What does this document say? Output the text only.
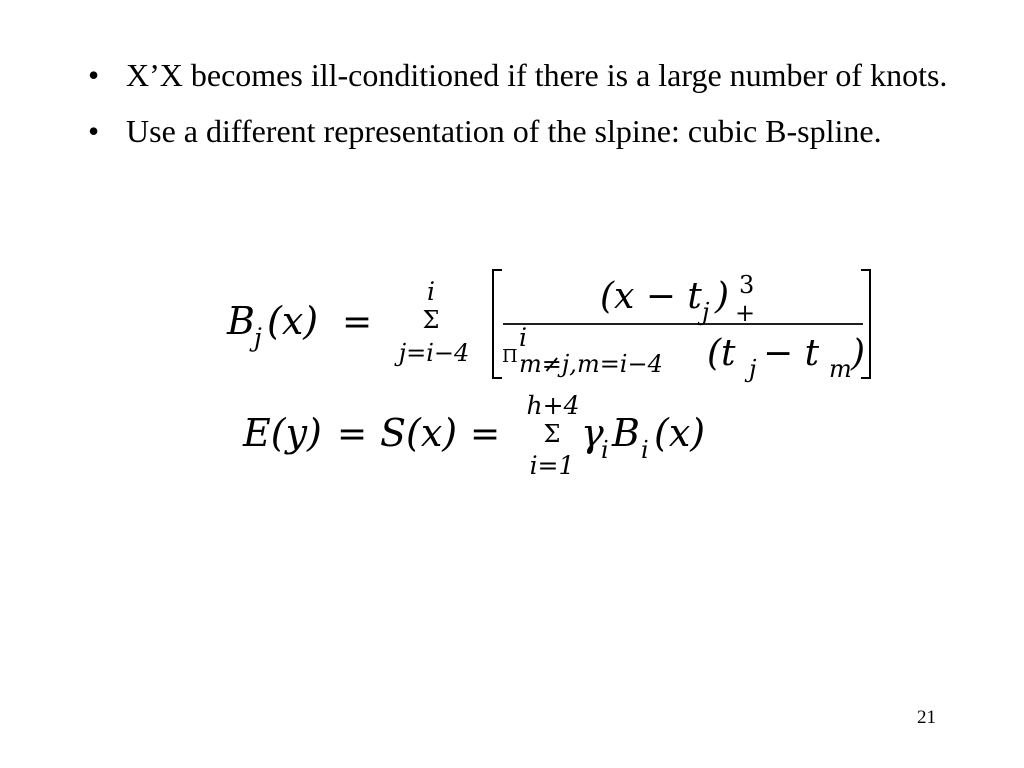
• X’X becomes ill-conditioned if there is a large number of knots.
• Use a different representation of the slpine: cubic B-spline.
B j (x) =
i
Σ
j=i−4
(x − t j ) 3
+
Π
i
m≠j,m=i−4 (t j − t m )
E(y) = S(x) =
h+4
Σ
i=1
γ
i B i (x)
21
